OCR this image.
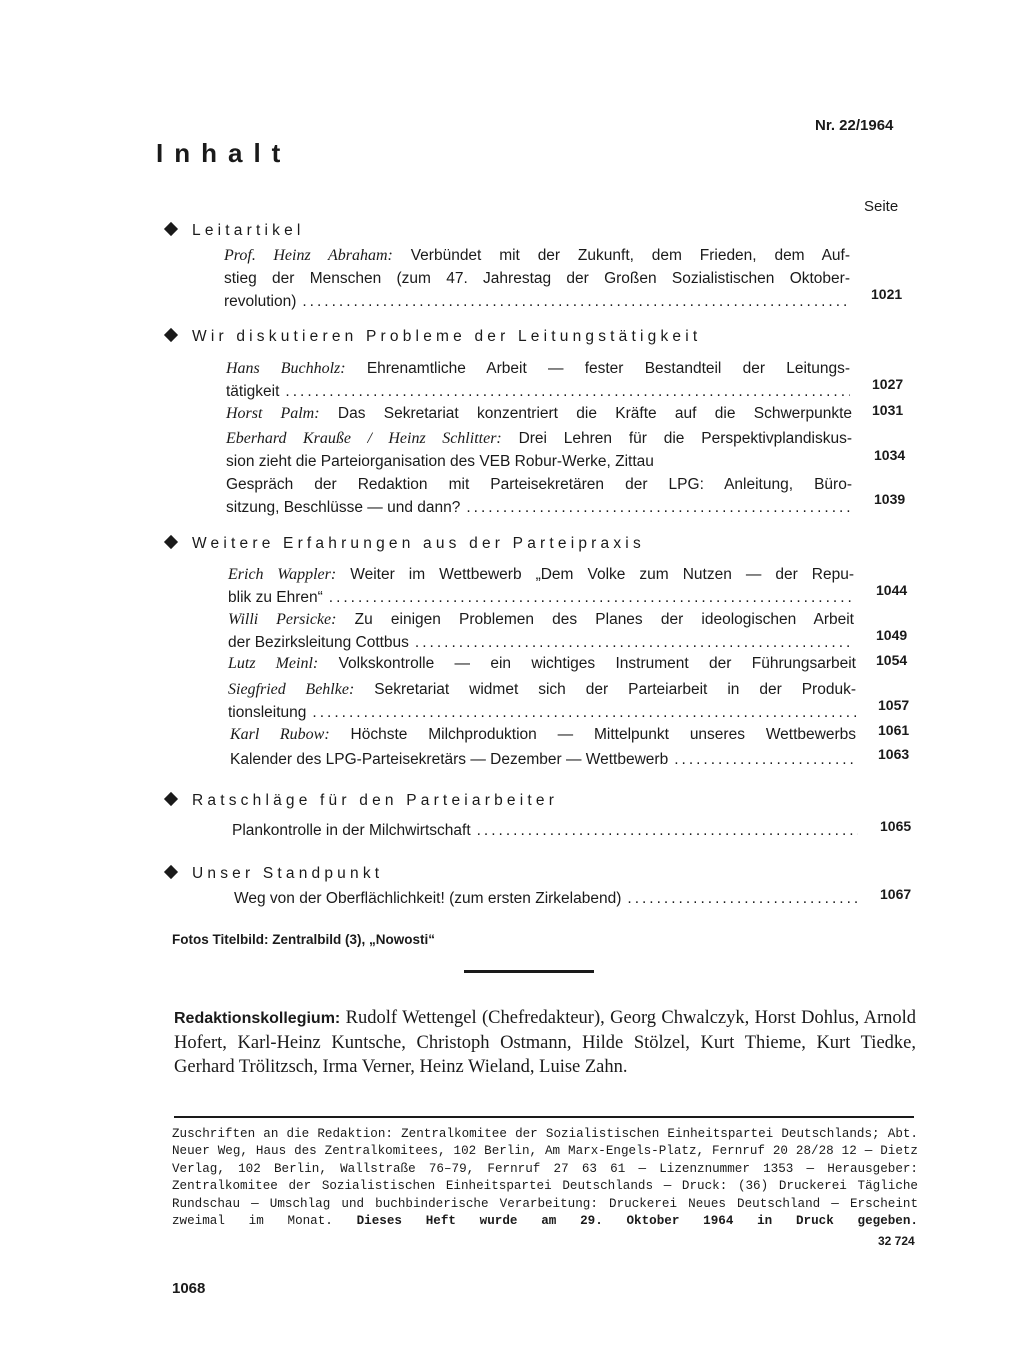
Inhalt
Nr. 22/1964
Seite
Leitartikel
Prof. Heinz Abraham: Verbündet mit der Zukunft, dem Frieden, dem Auf-
stieg der Menschen (zum 47. Jahrestag der Großen Sozialistischen Oktober-
revolution) .....	1021
Wir diskutieren Probleme der Leitungstätigkeit
Hans Buchholz: Ehrenamtliche Arbeit — fester Bestandteil der Leitungs-
tätigkeit .....	1027
Horst Palm: Das Sekretariat konzentriert die Kräfte auf die Schwerpunkte 1031
Eberhard Krauße / Heinz Schlitter: Drei Lehren für die Perspektivplandiskus-
sion zieht die Parteiorganisation des VEB Robur-Werke, Zittau	1034
Gespräch der Redaktion mit Parteisekretären der LPG: Anleitung, Büro-
sitzung, Beschlüsse — und dann? .....	1039
Weitere Erfahrungen aus der Parteipraxis
Erich Wappler: Weiter im Wettbewerb „Dem Volke zum Nutzen — der Repu-
blik zu Ehren“ .....	1044
Willi Persicke: Zu einigen Problemen des Planes der ideologischen Arbeit
der Bezirksleitung Cottbus .....	1049
Lutz Meinl: Volkskontrolle — ein wichtiges Instrument der Führungsarbeit 1054
Siegfried Behlke: Sekretariat widmet sich der Parteiarbeit in der Produk-
tionsleitung .....	1057
Karl Rubow: Höchste Milchproduktion — Mittelpunkt unseres Wettbewerbs 1061
Kalender des LPG-Parteisekretärs — Dezember — Wettbewerb .....	1063
Ratschläge für den Parteiarbeiter
Plankontrolle in der Milchwirtschaft .....	1065
Unser Standpunkt
Weg von der Oberflächlichkeit! (zum ersten Zirkelabend) .....	1067
Fotos Titelbild: Zentralbild (3), „Nowosti“
Redaktionskollegium: Rudolf Wettengel (Chefredakteur), Georg Chwalczyk, Horst Dohlus, Arnold Hofert, Karl-Heinz Kuntsche, Christoph Ostmann, Hilde Stölzel, Kurt Thieme, Kurt Tiedke, Gerhard Trölitzsch, Irma Verner, Heinz Wieland, Luise Zahn.
Zuschriften an die Redaktion: Zentralkomitee der Sozialistischen Einheitspartei Deutschlands; Abt. Neuer Weg, Haus des Zentralkomitees, 102 Berlin, Am Marx-Engels-Platz, Fernruf 20 28/28 12 — Dietz Verlag, 102 Berlin, Wallstraße 76–79, Fernruf 27 63 61 — Lizenznummer 1353 — Herausgeber: Zentralkomitee der Sozialistischen Einheitspartei Deutschlands — Druck: (36) Druckerei Tägliche Rundschau — Umschlag und buchbinderische Verarbeitung: Druckerei Neues Deutschland — Erscheint zweimal im Monat. Dieses Heft wurde am 29. Oktober 1964 in Druck gegeben.
32 724
1068
